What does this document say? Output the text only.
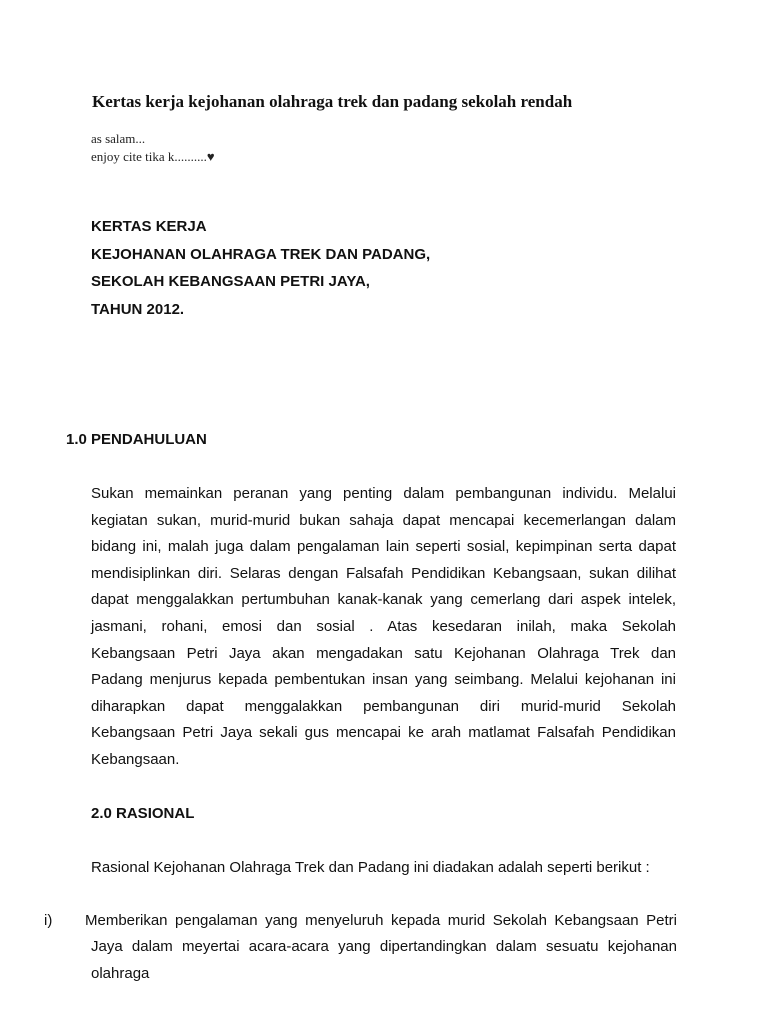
Kertas kerja kejohanan olahraga trek dan padang sekolah rendah
as salam...
enjoy cite tika k..........♥
KERTAS KERJA
KEJOHANAN OLAHRAGA TREK DAN PADANG,
SEKOLAH KEBANGSAAN PETRI JAYA,
TAHUN 2012.
1.0 PENDAHULUAN
Sukan memainkan peranan yang penting dalam pembangunan individu. Melalui
kegiatan sukan, murid-murid bukan sahaja dapat mencapai kecemerlangan dalam
bidang ini, malah juga dalam pengalaman lain seperti sosial, kepimpinan serta dapat
mendisiplinkan diri. Selaras dengan Falsafah Pendidikan Kebangsaan, sukan dilihat
dapat menggalakkan pertumbuhan kanak-kanak yang cemerlang dari aspek intelek,
jasmani, rohani, emosi dan sosial . Atas kesedaran inilah, maka Sekolah
Kebangsaan Petri Jaya akan mengadakan satu Kejohanan Olahraga Trek dan
Padang menjurus kepada pembentukan insan yang seimbang. Melalui kejohanan ini
diharapkan dapat menggalakkan pembangunan diri murid-murid Sekolah
Kebangsaan Petri Jaya sekali gus mencapai ke arah matlamat Falsafah Pendidikan
Kebangsaan.
2.0 RASIONAL
Rasional Kejohanan Olahraga Trek dan Padang ini diadakan adalah seperti berikut :
i) Memberikan pengalaman yang menyeluruh kepada murid Sekolah Kebangsaan Petri
Jaya dalam meyertai acara-acara yang dipertandingkan dalam sesuatu kejohanan
olahraga
